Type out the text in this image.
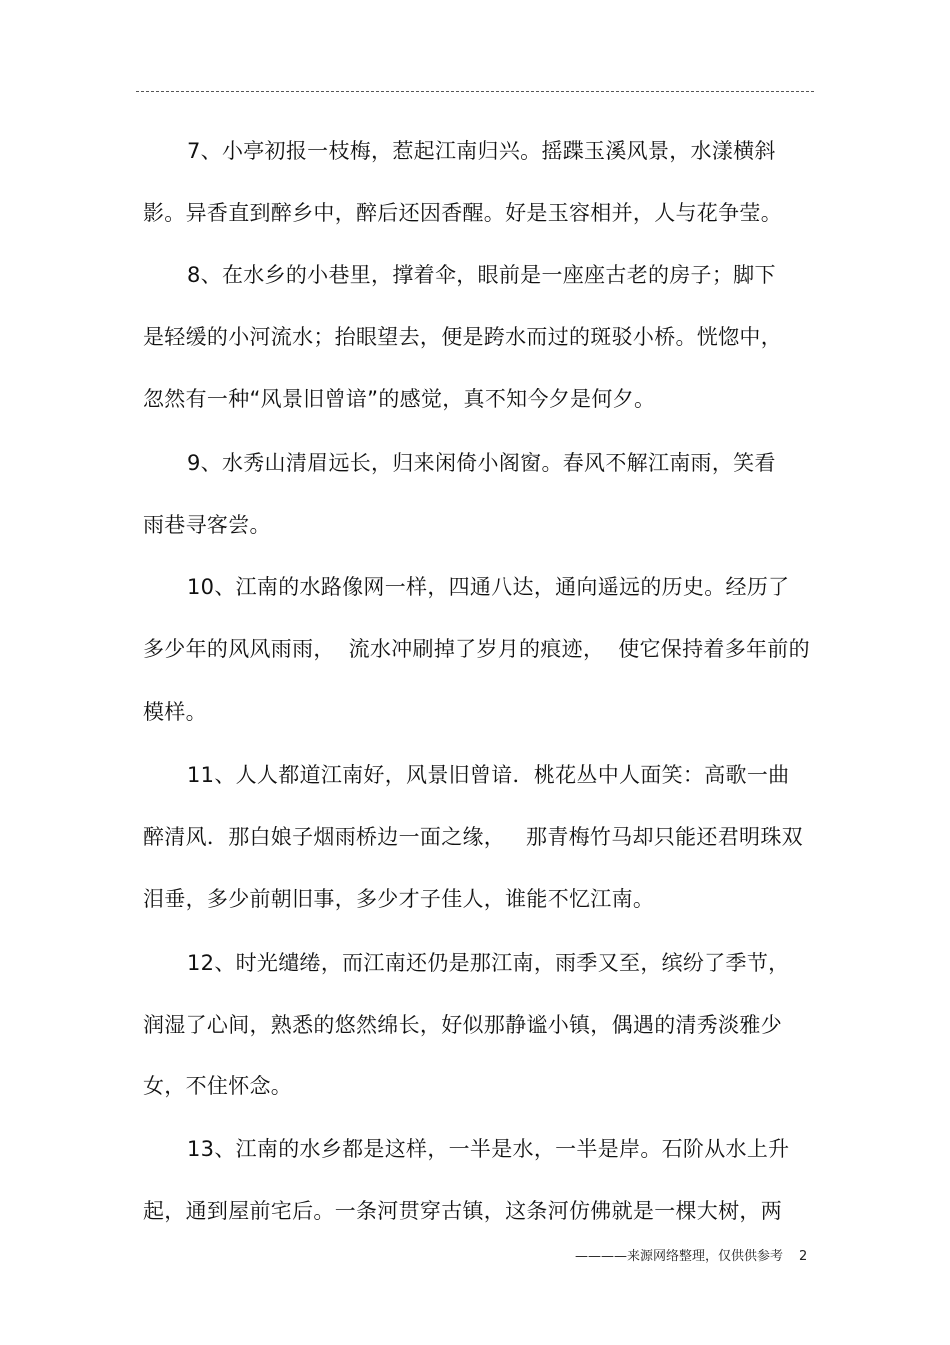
7、小亭初报一枝梅，惹起江南归兴。摇蹀玉溪风景，水漾横斜
影。异香直到醉乡中，醉后还因香醒。好是玉容相并，人与花争莹。
8、在水乡的小巷里，撑着伞，眼前是一座座古老的房子；脚下
是轻缓的小河流水；抬眼望去，便是跨水而过的斑驳小桥。恍惚中，
忽然有一种“风景旧曾谙”的感觉，真不知今夕是何夕。
9、水秀山清眉远长，归来闲倚小阁窗。春风不解江南雨，笑看
雨巷寻客尝。
10、江南的水路像网一样，四通八达，通向遥远的历史。经历了
多少年的风风雨雨，  流水冲刷掉了岁月的痕迹，  使它保持着多年前的
模样。
11、人人都道江南好，风景旧曾谙．桃花丛中人面笑：高歌一曲
醉清风．那白娘子烟雨桥边一面之缘，   那青梅竹马却只能还君明珠双
泪垂，多少前朝旧事，多少才子佳人，谁能不忆江南。
12、时光缱绻，而江南还仍是那江南，雨季又至，缤纷了季节，
润湿了心间，熟悉的悠然绵长，好似那静谧小镇，偶遇的清秀淡雅少
女，不住怀念。
13、江南的水乡都是这样，一半是水，一半是岸。石阶从水上升
起，通到屋前宅后。一条河贯穿古镇，这条河仿佛就是一棵大树，两
————来源网络整理，仅供供参考 2
